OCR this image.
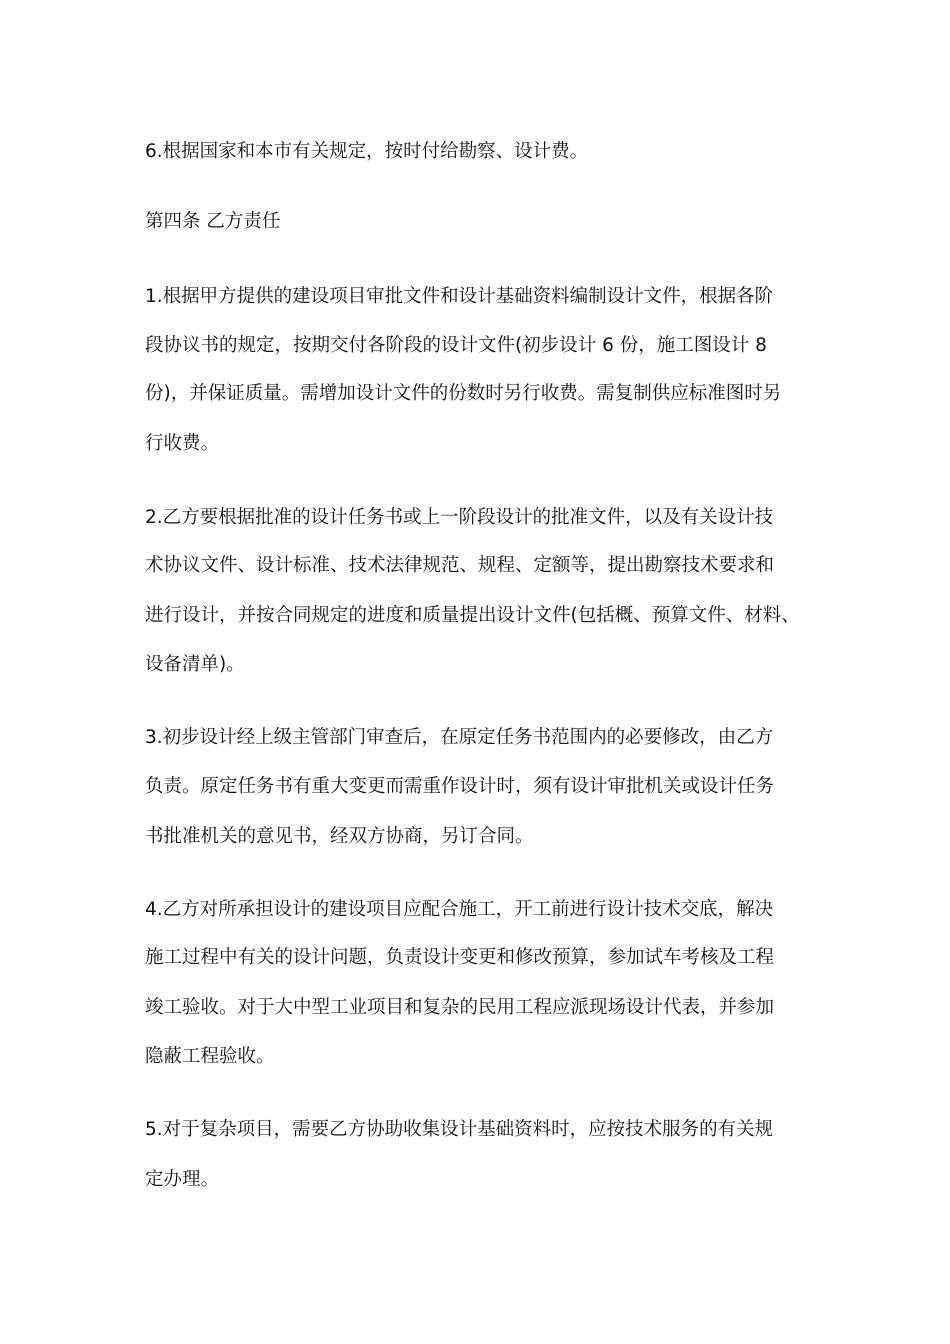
6.根据国家和本市有关规定，按时付给勘察、设计费。
第四条 乙方责任
1.根据甲方提供的建设项目审批文件和设计基础资料编制设计文件，根据各阶
段协议书的规定，按期交付各阶段的设计文件(初步设计 6 份，施工图设计 8
份)，并保证质量。需增加设计文件的份数时另行收费。需复制供应标准图时另
行收费。
2.乙方要根据批准的设计任务书或上一阶段设计的批准文件，以及有关设计技
术协议文件、设计标准、技术法律规范、规程、定额等，提出勘察技术要求和
进行设计，并按合同规定的进度和质量提出设计文件(包括概、预算文件、材料、
设备清单)。
3.初步设计经上级主管部门审查后，在原定任务书范围内的必要修改，由乙方
负责。原定任务书有重大变更而需重作设计时，须有设计审批机关或设计任务
书批准机关的意见书，经双方协商，另订合同。
4.乙方对所承担设计的建设项目应配合施工，开工前进行设计技术交底，解决
施工过程中有关的设计问题，负责设计变更和修改预算，参加试车考核及工程
竣工验收。对于大中型工业项目和复杂的民用工程应派现场设计代表，并参加
隐蔽工程验收。
5.对于复杂项目，需要乙方协助收集设计基础资料时，应按技术服务的有关规
定办理。
